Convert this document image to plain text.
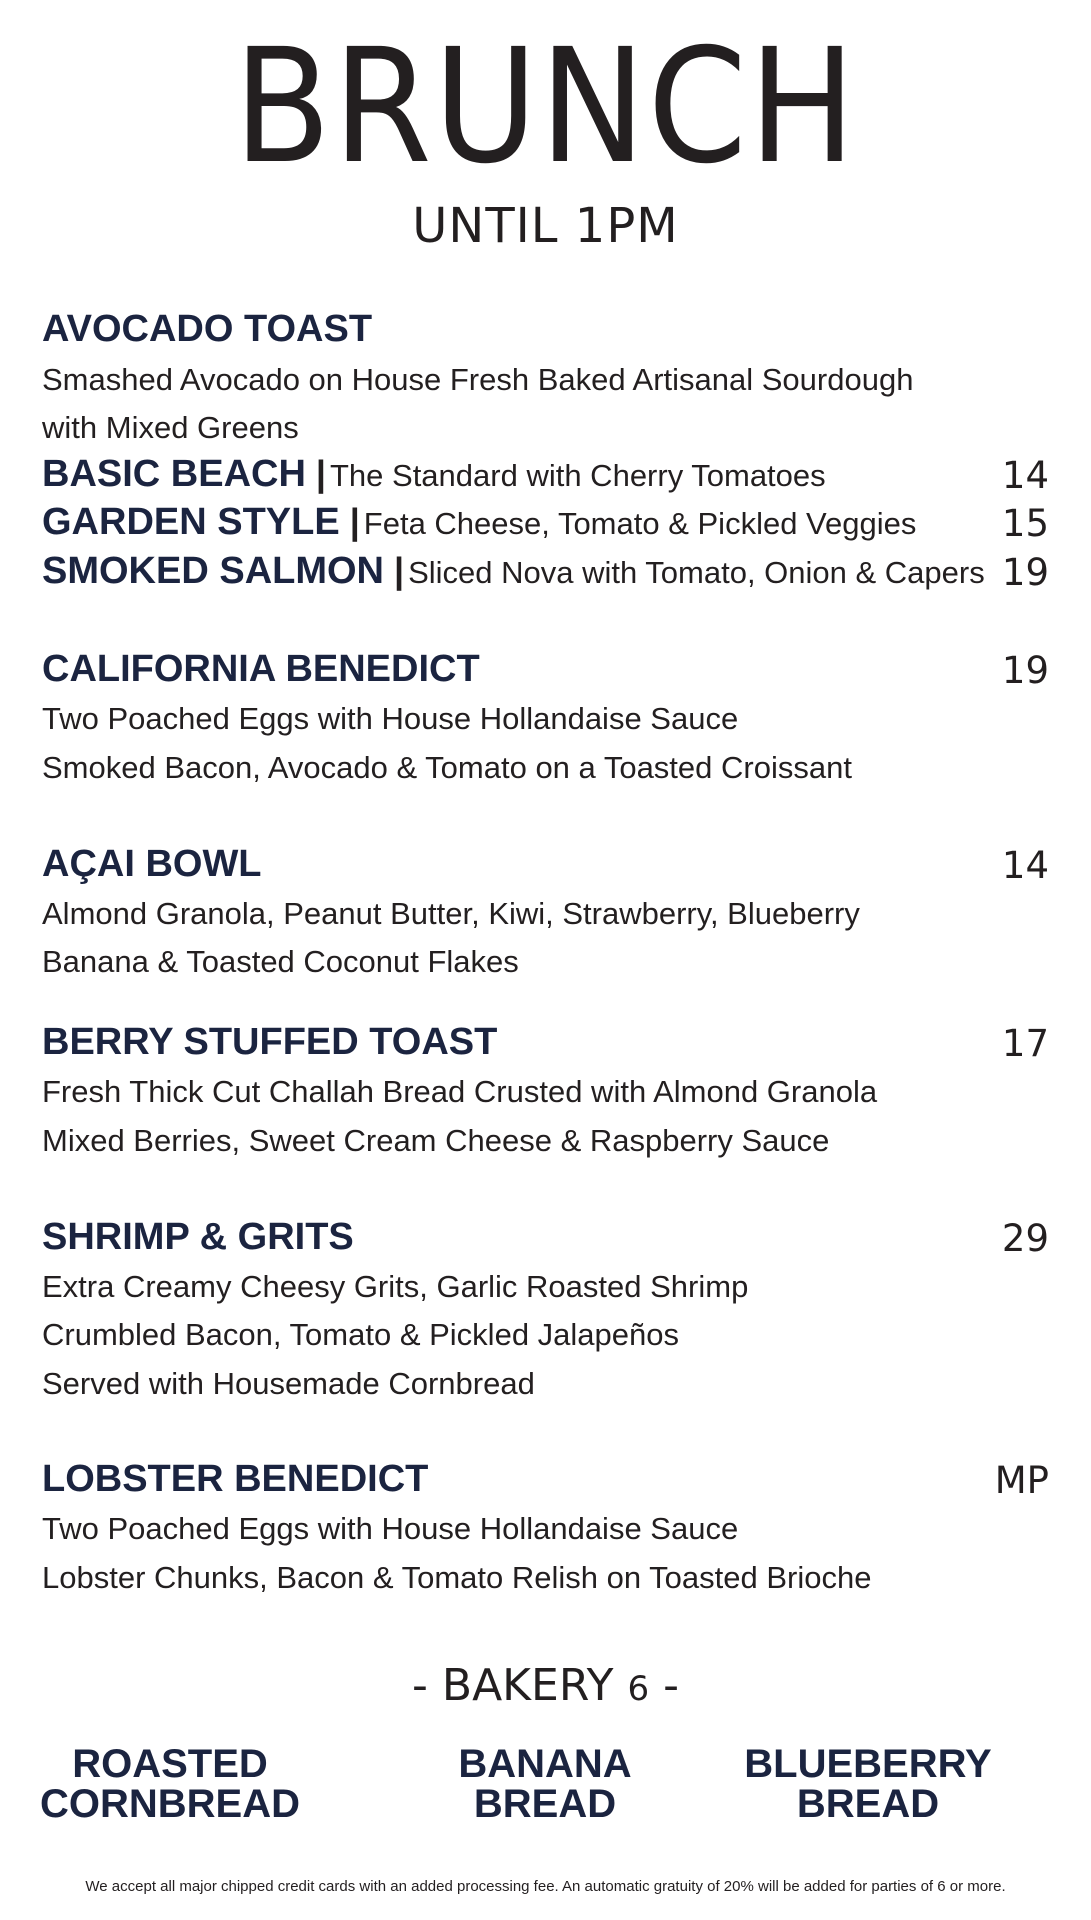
BRUNCH
UNTIL 1PM
AVOCADO TOAST
Smashed Avocado on House Fresh Baked Artisanal Sourdough
with Mixed Greens
BASIC BEACH | The Standard with Cherry Tomatoes	14
GARDEN STYLE | Feta Cheese, Tomato & Pickled Veggies 15
SMOKED SALMON | Sliced Nova with Tomato, Onion & Capers 19
CALIFORNIA BENEDICT	19
Two Poached Eggs with House Hollandaise Sauce
Smoked Bacon, Avocado & Tomato on a Toasted Croissant
AÇAI BOWL	14
Almond Granola, Peanut Butter, Kiwi, Strawberry, Blueberry
Banana & Toasted Coconut Flakes
BERRY STUFFED TOAST	17
Fresh Thick Cut Challah Bread Crusted with Almond Granola
Mixed Berries, Sweet Cream Cheese & Raspberry Sauce
SHRIMP & GRITS	29
Extra Creamy Cheesy Grits, Garlic Roasted Shrimp
Crumbled Bacon, Tomato & Pickled Jalapeños
Served with Housemade Cornbread
LOBSTER BENEDICT	MP
Two Poached Eggs with House Hollandaise Sauce
Lobster Chunks, Bacon & Tomato Relish on Toasted Brioche
- BAKERY 6 -
ROASTED
CORNBREAD
BANANA
BREAD
BLUEBERRY
BREAD
We accept all major chipped credit cards with an added processing fee. An automatic gratuity of 20% will be added for parties of 6 or more.
